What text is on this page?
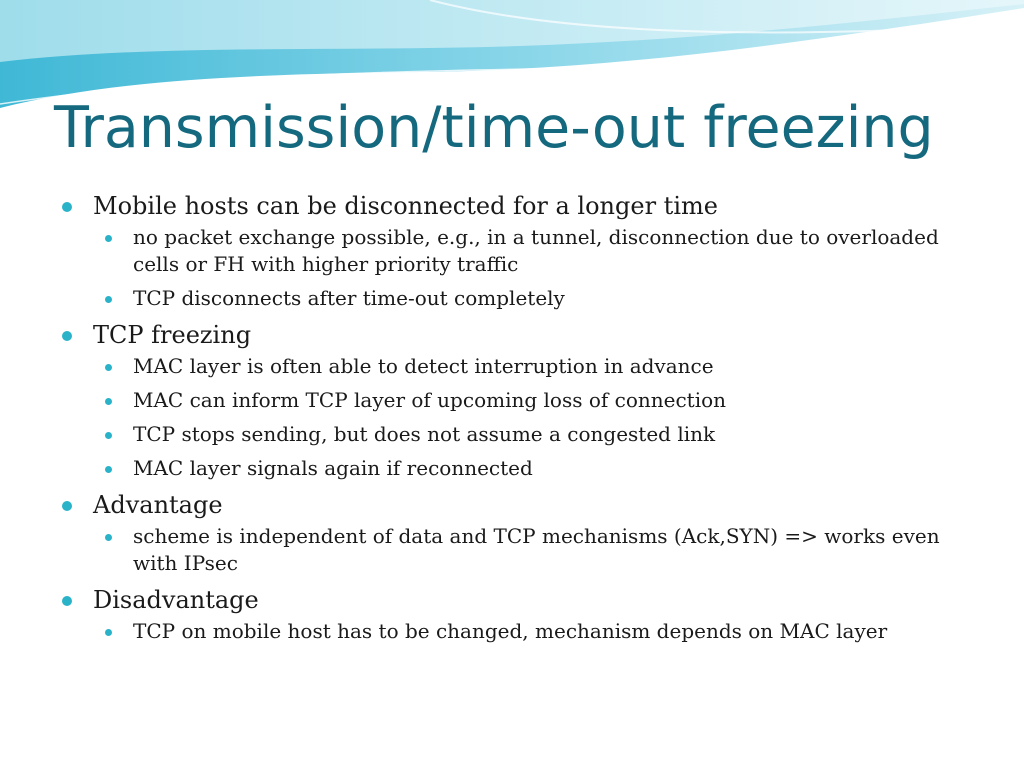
Transmission/time-out freezing
Mobile hosts can be disconnected for a longer time
no packet exchange possible, e.g., in a tunnel, disconnection due to overloaded cells or FH with higher priority traffic
TCP disconnects after time-out completely
TCP freezing
MAC layer is often able to detect interruption in advance
MAC can inform TCP layer of upcoming loss of connection
TCP stops sending, but does not assume a congested link
MAC layer signals again if reconnected
Advantage
scheme is independent of data and TCP mechanisms (Ack,SYN) => works even with IPsec
Disadvantage
TCP on mobile host has to be changed, mechanism depends on MAC layer
